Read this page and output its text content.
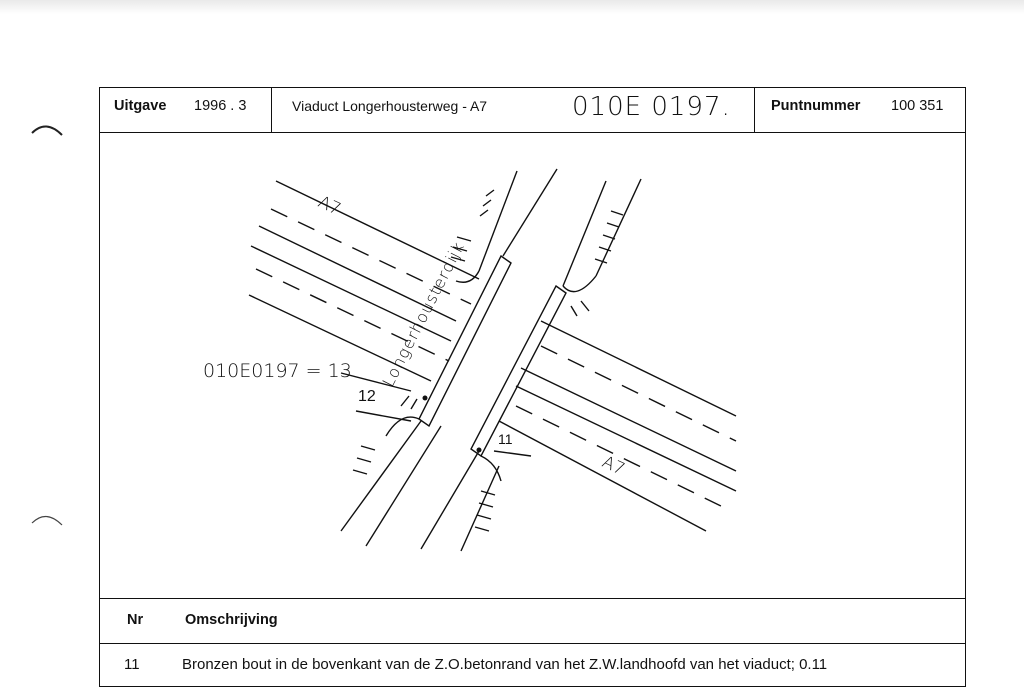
Uitgave 1996 . 3	Viaduct Longerhousterweg - A7	010E 0197.	Puntnummer 100 351
A7
A7
Longerhousterdijk
010E0197 = 13
12
11
Nr	Omschrijving
11	Bronzen bout in de bovenkant van de Z.O.betonrand van het Z.W.landhoofd van het viaduct; 0.11
